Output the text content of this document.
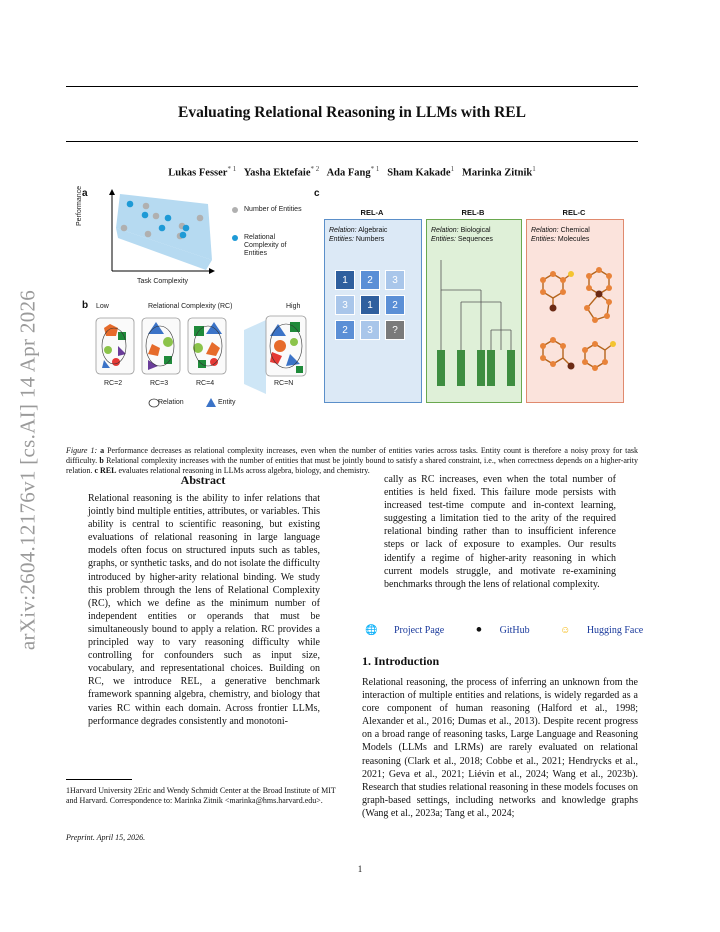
arXiv:2604.12176v1 [cs.AI] 14 Apr 2026
Evaluating Relational Reasoning in LLMs with REL
Lukas Fesser$^{* 1}$ Yasha Ektefaie$^{* 2}$ Ada Fang$^{* 1}$ Sham Kakade$^1$ Marinka Zitnik$^1$
a
Performance
Task Complexity
Number of Entities
Relational Complexity of Entities
b Low	Relational Complexity (RC)	High
RC=2	RC=3	RC=4	RC=N
Relation	Entity
c
REL-A
Relation: Algebraic
Entities: Numbers
1	2	3
3	1	2
2	3	?
REL-B
Relation: Biological
Entities: Sequences
REL-C
Relation: Chemical
Entities: Molecules
Figure 1: a Performance decreases as relational complexity increases, even when the number of entities varies across tasks. Entity count is therefore a noisy proxy for task difficulty. b Relational complexity increases with the number of entities that must be jointly bound to satisfy a shared constraint, i.e., when correctness depends on a higher-arity relation. c REL evaluates relational reasoning in LLMs across algebra, biology, and chemistry.
Abstract

Relational reasoning is the ability to infer relations that jointly bind multiple entities, attributes, or variables. This ability is central to scientific reasoning, but existing evaluations of relational reasoning in large language models often focus on structured inputs such as tables, graphs, or synthetic tasks, and do not isolate the difficulty introduced by higher-arity relational binding. We study this problem through the lens of Relational Complexity (RC), which we define as the minimum number of independent entities or operands that must be simultaneously bound to apply a relation. RC provides a principled way to vary reasoning difficulty while controlling for confounders such as input size, vocabulary, and representational choices. Building on RC, we introduce REL, a generative benchmark framework spanning algebra, chemistry, and biology that varies RC within each domain. Across frontier LLMs, performance degrades consistently and monotoni-

cally as RC increases, even when the total number of entities is held fixed. This failure mode persists with increased test-time compute and in-context learning, suggesting a limitation tied to the arity of the required relational binding rather than to insufficient inference steps or lack of exposure to examples. Our results identify a regime of higher-arity reasoning in which current models struggle, and motivate re-examining benchmarks through the lens of relational complexity.

🌐 Project Page	⚫ GitHub	☺ Hugging Face
1. Introduction

Relational reasoning, the process of inferring an unknown from the interaction of multiple entities and relations, is widely regarded as a core component of human reasoning (Halford et al., 1998; Alexander et al., 2016; Dumas et al., 2013). Despite recent progress on a broad range of reasoning tasks, Large Language and Reasoning Models (LLMs and LRMs) are rarely evaluated on relational reasoning (Clark et al., 2018; Cobbe et al., 2021; Hendrycks et al., 2021; Geva et al., 2021; Liévin et al., 2024; Wang et al., 2023b). Research that studies relational reasoning in these models focuses on graph-based settings, including networks and knowledge graphs (Wang et al., 2023a; Tang et al., 2024;

1Harvard University 2Eric and Wendy Schmidt Center at the Broad Institute of MIT and Harvard. Correspondence to: Marinka Zitnik <marinka@hms.harvard.edu>.
Preprint. April 15, 2026.
1
